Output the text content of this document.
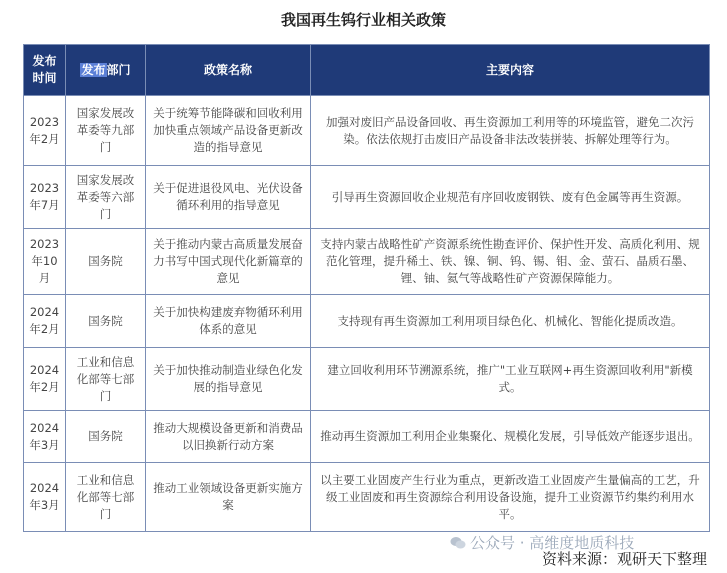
我国再生钨行业相关政策
发布时间	发布部门	政策名称	主要内容
2023年2月	国家发展改革委等九部门	关于统筹节能降碳和回收利用加快重点领域产品设备更新改造的指导意见	加强对废旧产品设备回收、再生资源加工利用等的环境监管，避免二次污染。依法依规打击废旧产品设备非法改装拼装、拆解处理等行为。
2023年7月	国家发展改革委等六部门	关于促进退役风电、光伏设备循环利用的指导意见	引导再生资源回收企业规范有序回收废钢铁、废有色金属等再生资源。
2023年10月	国务院	关于推动内蒙古高质量发展奋力书写中国式现代化新篇章的意见	支持内蒙古战略性矿产资源系统性勘查评价、保护性开发、高质化利用、规范化管理，提升稀土、铁、镍、铜、钨、锡、钼、金、萤石、晶质石墨、锂、铀、氦气等战略性矿产资源保障能力。
2024年2月	国务院	关于加快构建废弃物循环利用体系的意见	支持现有再生资源加工利用项目绿色化、机械化、智能化提质改造。
2024年2月	工业和信息化部等七部门	关于加快推动制造业绿色化发展的指导意见	建立回收利用环节溯源系统，推广"工业互联网+再生资源回收利用"新模式。
2024年3月	国务院	推动大规模设备更新和消费品以旧换新行动方案	推动再生资源加工利用企业集聚化、规模化发展，引导低效产能逐步退出。
2024年3月	工业和信息化部等七部门	推动工业领域设备更新实施方案	以主要工业固废产生行业为重点，更新改造工业固废产生量偏高的工艺，升级工业固废和再生资源综合利用设备设施，提升工业资源节约集约利用水平。
公众号 · 高维度地质科技
资料来源：观研天下整理
